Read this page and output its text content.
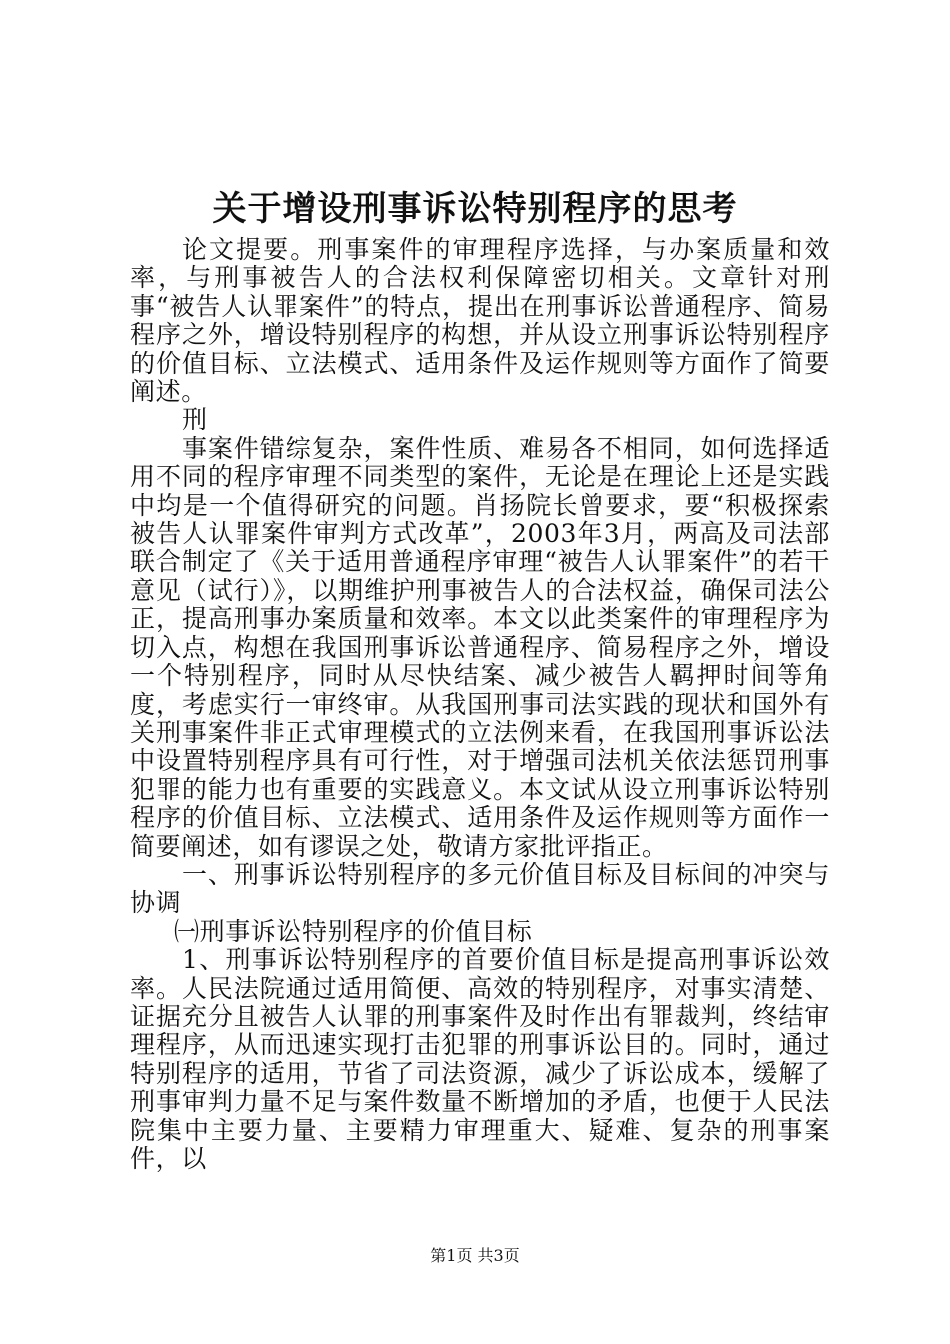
关于增设刑事诉讼特别程序的思考

论文提要。刑事案件的审理程序选择，与办案质量和效率，与刑事被告人的合法权利保障密切相关。文章针对刑事“被告人认罪案件”的特点，提出在刑事诉讼普通程序、简易程序之外，增设特别程序的构想，并从设立刑事诉讼特别程序的价值目标、立法模式、适用条件及运作规则等方面作了简要阐述。

刑

事案件错综复杂，案件性质、难易各不相同，如何选择适用不同的程序审理不同类型的案件，无论是在理论上还是实践中均是一个值得研究的问题。肖扬院长曾要求，要“积极探索被告人认罪案件审判方式改革”，2003年3月，两高及司法部联合制定了《关于适用普通程序审理“被告人认罪案件”的若干意见（试行）》，以期维护刑事被告人的合法权益，确保司法公正，提高刑事办案质量和效率。本文以此类案件的审理程序为切入点，构想在我国刑事诉讼普通程序、简易程序之外，增设一个特别程序，同时从尽快结案、减少被告人羁押时间等角度，考虑实行一审终审。从我国刑事司法实践的现状和国外有关刑事案件非正式审理模式的立法例来看，在我国刑事诉讼法中设置特别程序具有可行性，对于增强司法机关依法惩罚刑事犯罪的能力也有重要的实践意义。本文试从设立刑事诉讼特别程序的价值目标、立法模式、适用条件及运作规则等方面作一简要阐述，如有谬误之处，敬请方家批评指正。

一、刑事诉讼特别程序的多元价值目标及目标间的冲突与协调

㈠刑事诉讼特别程序的价值目标

1、刑事诉讼特别程序的首要价值目标是提高刑事诉讼效率。人民法院通过适用简便、高效的特别程序，对事实清楚、证据充分且被告人认罪的刑事案件及时作出有罪裁判，终结审理程序，从而迅速实现打击犯罪的刑事诉讼目的。同时，通过特别程序的适用，节省了司法资源，减少了诉讼成本，缓解了刑事审判力量不足与案件数量不断增加的矛盾，也便于人民法院集中主要力量、主要精力审理重大、疑难、复杂的刑事案件，以

第1页 共3页
